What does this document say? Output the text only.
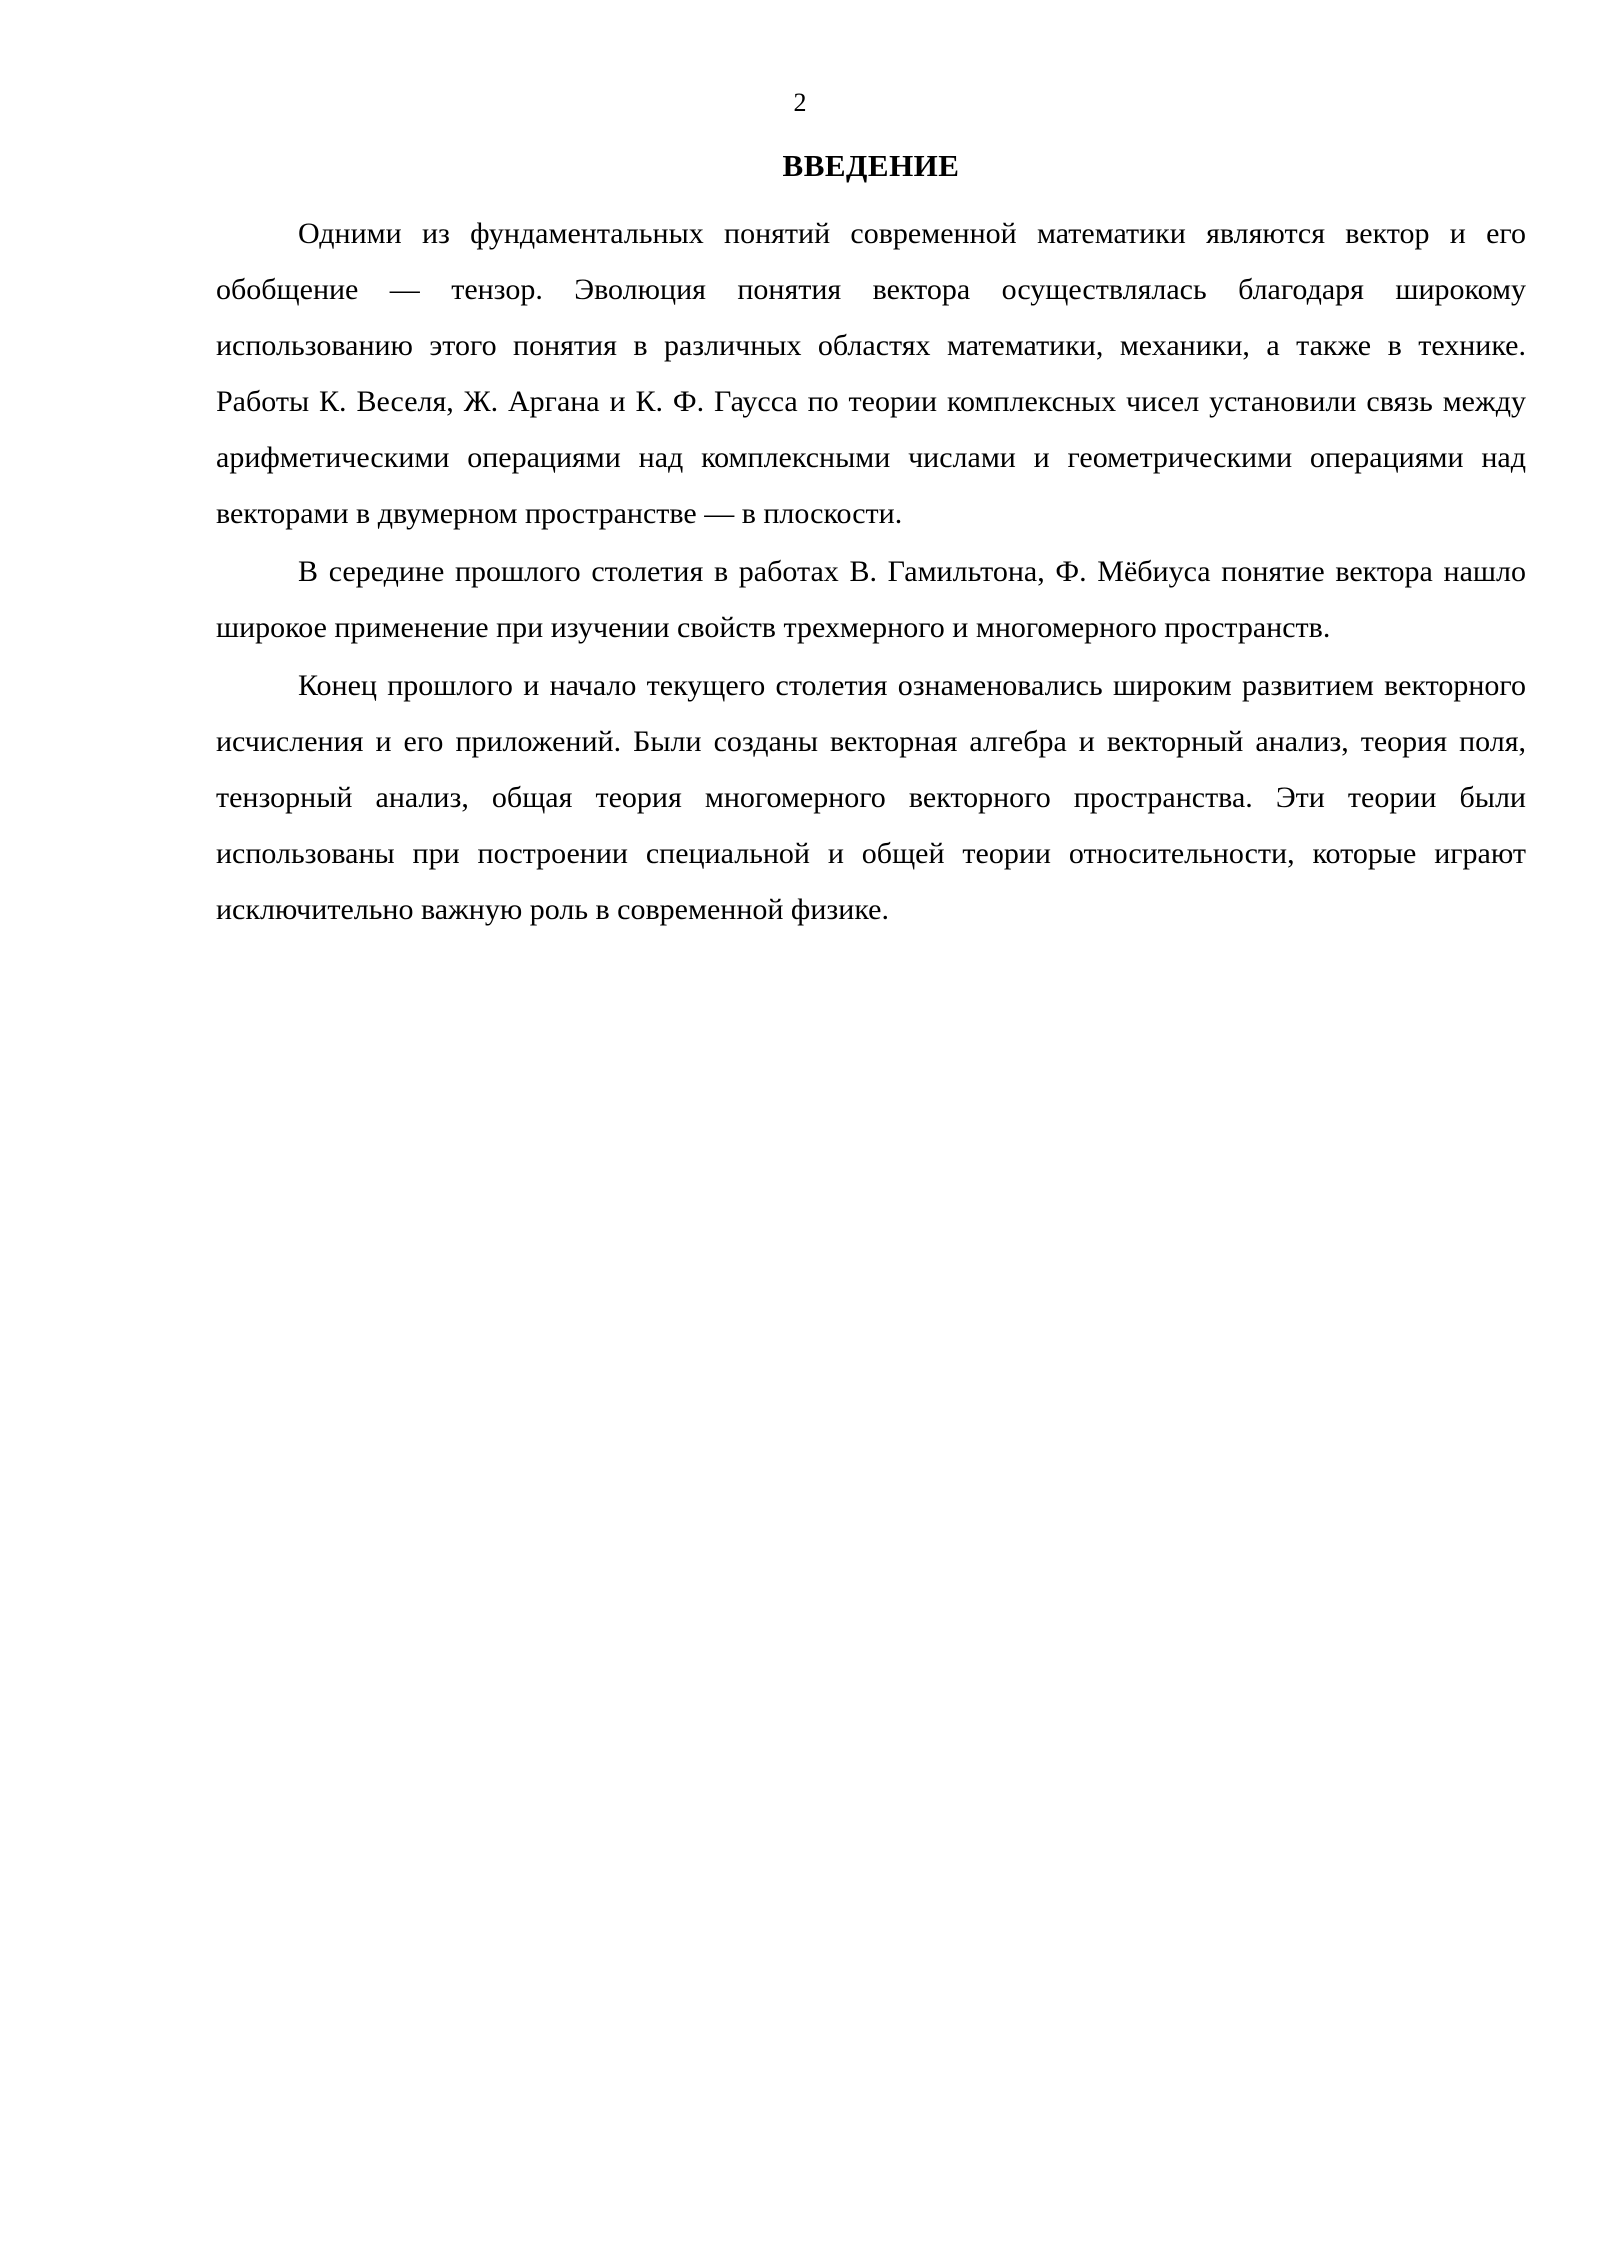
2
ВВЕДЕНИЕ

Одними из фундаментальных понятий современной математики являются вектор и его обобщение — тензор. Эволюция понятия вектора осуществлялась благодаря широкому использованию этого понятия в различных областях математики, механики, а также в технике. Работы К. Веселя, Ж. Аргана и К. Ф. Гаусса по теории комплексных чисел установили связь между арифметическими операциями над комплексными числами и геометрическими операциями над векторами в двумерном пространстве — в плоскости.

В середине прошлого столетия в работах В. Гамильтона, Ф. Мёбиуса понятие вектора нашло широкое применение при изучении свойств трехмерного и многомерного пространств.

Конец прошлого и начало текущего столетия ознаменовались широким развитием векторного исчисления и его приложений. Были созданы векторная алгебра и векторный анализ, теория поля, тензорный анализ, общая теория многомерного векторного пространства. Эти теории были использованы при построении специальной и общей теории относительности, которые играют исключительно важную роль в современной физике.
